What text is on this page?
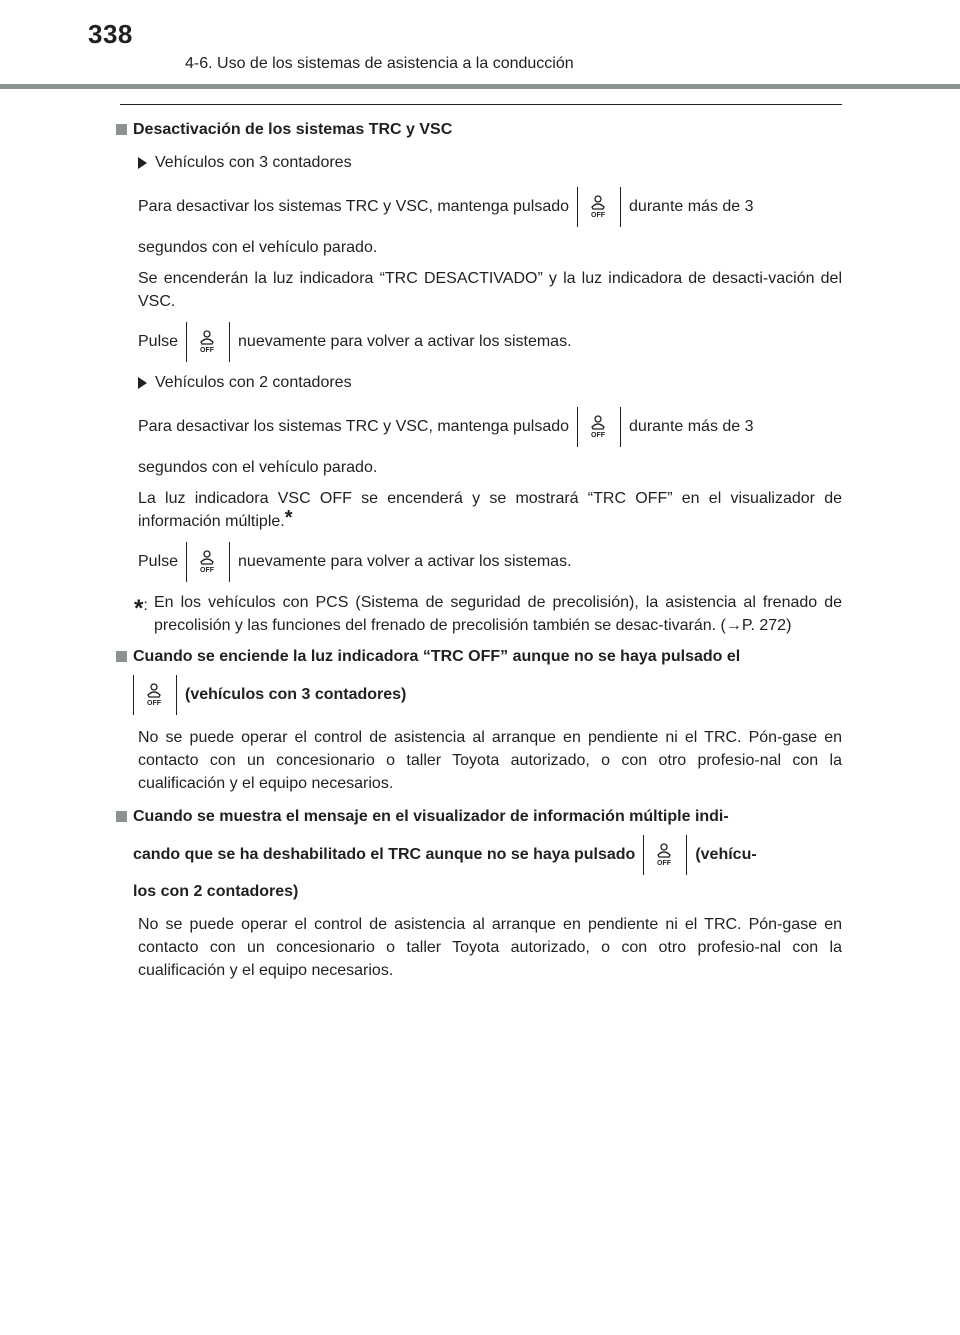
338
4-6. Uso de los sistemas de asistencia a la conducción
Desactivación de los sistemas TRC y VSC
Vehículos con 3 contadores
Para desactivar los sistemas TRC y VSC, mantenga pulsado
OFF
durante más de 3
segundos con el vehículo parado.
Se encenderán la luz indicadora “TRC DESACTIVADO” y la luz indicadora de desacti-vación del VSC.
Pulse
OFF
nuevamente para volver a activar los sistemas.
Vehículos con 2 contadores
Para desactivar los sistemas TRC y VSC, mantenga pulsado
OFF
durante más de 3
segundos con el vehículo parado.
La luz indicadora VSC OFF se encenderá y se mostrará “TRC OFF” en el visualizador de información múltiple.*
Pulse
OFF
nuevamente para volver a activar los sistemas.
*: En los vehículos con PCS (Sistema de seguridad de precolisión), la asistencia al frenado de precolisión y las funciones del frenado de precolisión también se desac-tivarán. (→P. 272)
Cuando se enciende la luz indicadora “TRC OFF” aunque no se haya pulsado el
OFF
(vehículos con 3 contadores)
No se puede operar el control de asistencia al arranque en pendiente ni el TRC. Pón-gase en contacto con un concesionario o taller Toyota autorizado, o con otro profesio-nal con la cualificación y el equipo necesarios.
Cuando se muestra el mensaje en el visualizador de información múltiple indi-
cando que se ha deshabilitado el TRC aunque no se haya pulsado
OFF
(vehícu-
los con 2 contadores)
No se puede operar el control de asistencia al arranque en pendiente ni el TRC. Pón-gase en contacto con un concesionario o taller Toyota autorizado, o con otro profesio-nal con la cualificación y el equipo necesarios.
